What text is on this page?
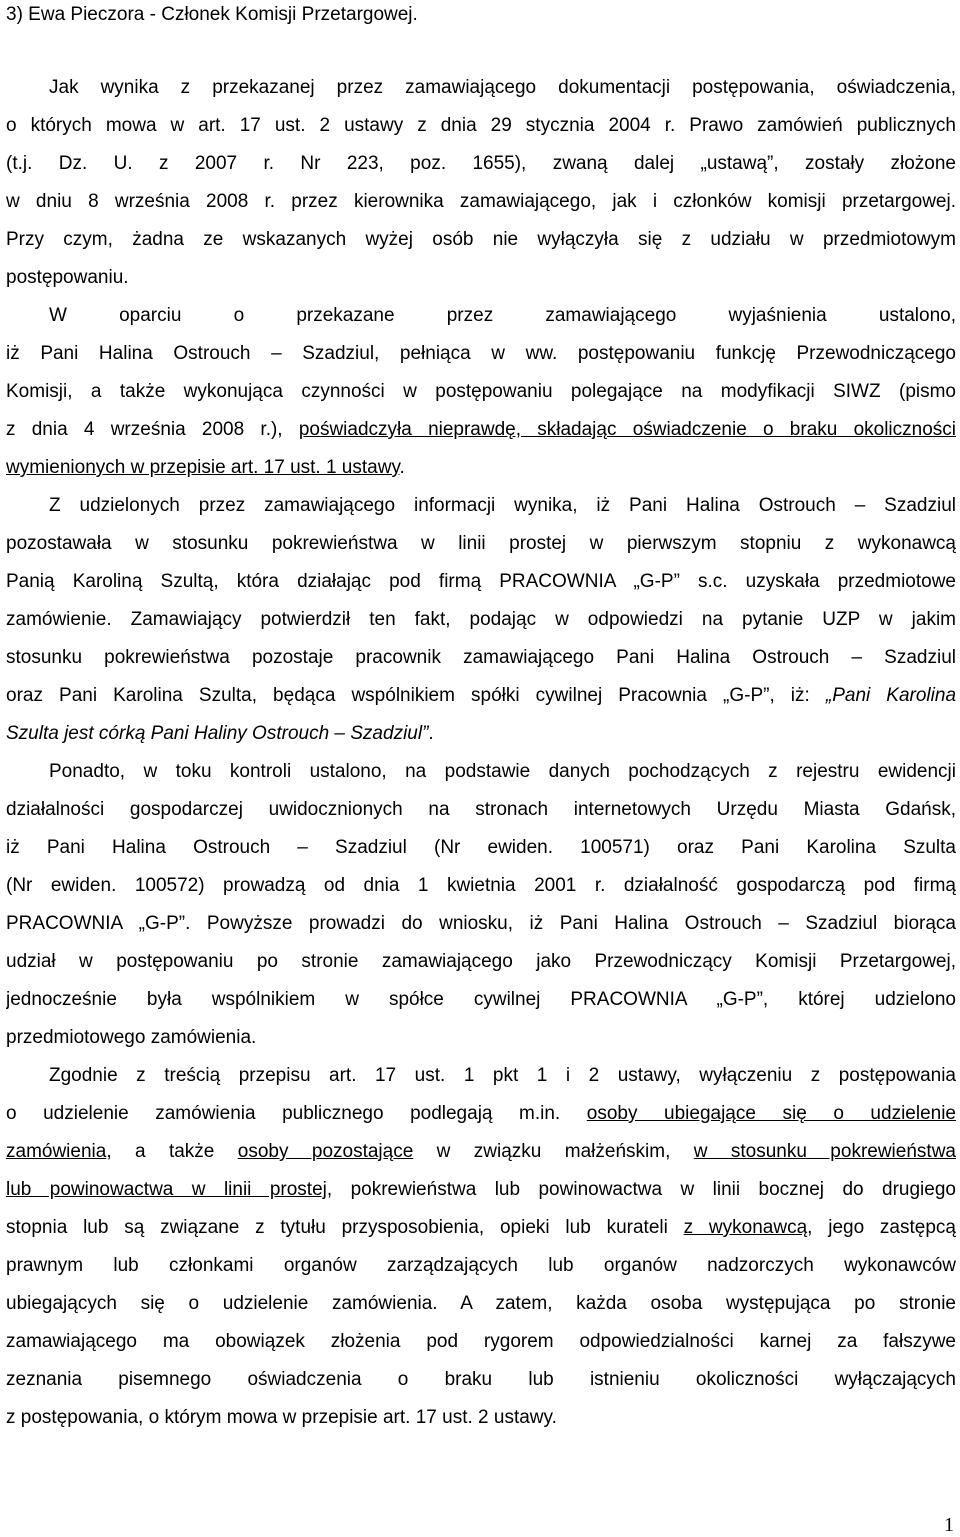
3) Ewa Pieczora - Członek Komisji Przetargowej.
Jak wynika z przekazanej przez zamawiającego dokumentacji postępowania, oświadczenia,
o których mowa w art. 17 ust. 2 ustawy z dnia 29 stycznia 2004 r. Prawo zamówień publicznych
(t.j. Dz. U. z 2007 r. Nr 223, poz. 1655), zwaną dalej „ustawą”, zostały złożone
w dniu 8 września 2008 r. przez kierownika zamawiającego, jak i członków komisji przetargowej.
Przy czym, żadna ze wskazanych wyżej osób nie wyłączyła się z udziału w przedmiotowym
postępowaniu.
W oparciu o przekazane przez zamawiającego wyjaśnienia ustalono,
iż Pani Halina Ostrouch – Szadziul, pełniąca w ww. postępowaniu funkcję Przewodniczącego
Komisji, a także wykonująca czynności w postępowaniu polegające na modyfikacji SIWZ (pismo
z dnia 4 września 2008 r.), poświadczyła nieprawdę, składając oświadczenie o braku okoliczności
wymienionych w przepisie art. 17 ust. 1 ustawy.
Z udzielonych przez zamawiającego informacji wynika, iż Pani Halina Ostrouch – Szadziul
pozostawała w stosunku pokrewieństwa w linii prostej w pierwszym stopniu z wykonawcą
Panią Karoliną Szultą, która działając pod firmą PRACOWNIA „G-P” s.c. uzyskała przedmiotowe
zamówienie. Zamawiający potwierdził ten fakt, podając w odpowiedzi na pytanie UZP w jakim
stosunku pokrewieństwa pozostaje pracownik zamawiającego Pani Halina Ostrouch – Szadziul
oraz Pani Karolina Szulta, będąca wspólnikiem spółki cywilnej Pracownia „G-P”, iż: „Pani Karolina
Szulta jest córką Pani Haliny Ostrouch – Szadziul”.
Ponadto, w toku kontroli ustalono, na podstawie danych pochodzących z rejestru ewidencji
działalności gospodarczej uwidocznionych na stronach internetowych Urzędu Miasta Gdańsk,
iż Pani Halina Ostrouch – Szadziul (Nr ewiden. 100571) oraz Pani Karolina Szulta
(Nr ewiden. 100572) prowadzą od dnia 1 kwietnia 2001 r. działalność gospodarczą pod firmą
PRACOWNIA „G-P”. Powyższe prowadzi do wniosku, iż Pani Halina Ostrouch – Szadziul biorąca
udział w postępowaniu po stronie zamawiającego jako Przewodniczący Komisji Przetargowej,
jednocześnie była wspólnikiem w spółce cywilnej PRACOWNIA „G-P”, której udzielono
przedmiotowego zamówienia.
Zgodnie z treścią przepisu art. 17 ust. 1 pkt 1 i 2 ustawy, wyłączeniu z postępowania
o udzielenie zamówienia publicznego podlegają m.in. osoby ubiegające się o udzielenie
zamówienia, a także osoby pozostające w związku małżeńskim, w stosunku pokrewieństwa
lub powinowactwa w linii prostej, pokrewieństwa lub powinowactwa w linii bocznej do drugiego
stopnia lub są związane z tytułu przysposobienia, opieki lub kurateli z wykonawcą, jego zastępcą
prawnym lub członkami organów zarządzających lub organów nadzorczych wykonawców
ubiegających się o udzielenie zamówienia. A zatem, każda osoba występująca po stronie
zamawiającego ma obowiązek złożenia pod rygorem odpowiedzialności karnej za fałszywe
zeznania pisemnego oświadczenia o braku lub istnieniu okoliczności wyłączających
z postępowania, o którym mowa w przepisie art. 17 ust. 2 ustawy.
1
